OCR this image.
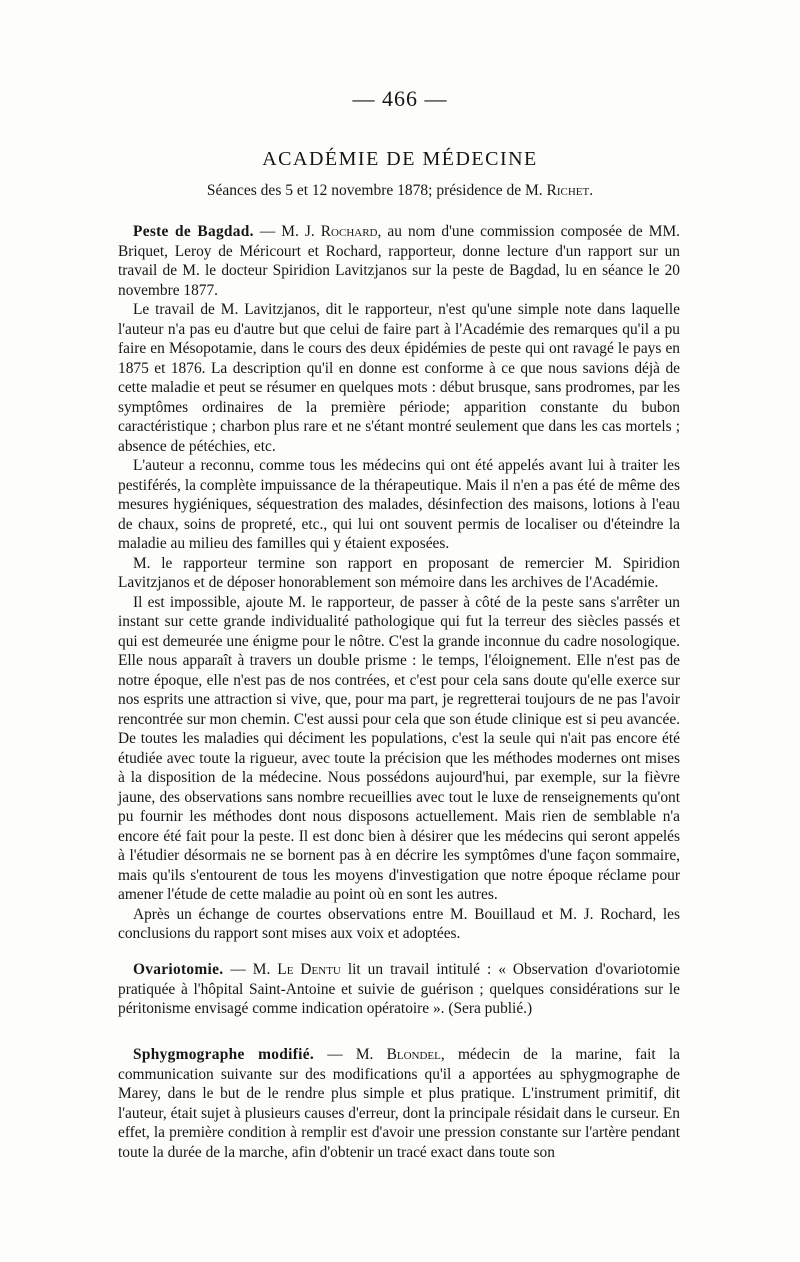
— 466 —
ACADÉMIE DE MÉDECINE
Séances des 5 et 12 novembre 1878; présidence de M. Richet.

Peste de Bagdad. — M. J. Rochard, au nom d'une commission composée de MM. Briquet, Leroy de Méricourt et Rochard, rapporteur, donne lecture d'un rapport sur un travail de M. le docteur Spiridion Lavitzjanos sur la peste de Bagdad, lu en séance le 20 novembre 1877.

Le travail de M. Lavitzjanos, dit le rapporteur, n'est qu'une simple note dans laquelle l'auteur n'a pas eu d'autre but que celui de faire part à l'Académie des remarques qu'il a pu faire en Mésopotamie, dans le cours des deux épidémies de peste qui ont ravagé le pays en 1875 et 1876. La description qu'il en donne est conforme à ce que nous savions déjà de cette maladie et peut se résumer en quelques mots : début brusque, sans prodromes, par les symptômes ordinaires de la première période; apparition constante du bubon caractéristique ; charbon plus rare et ne s'étant montré seulement que dans les cas mortels ; absence de pétéchies, etc.

L'auteur a reconnu, comme tous les médecins qui ont été appelés avant lui à traiter les pestiférés, la complète impuissance de la thérapeutique. Mais il n'en a pas été de même des mesures hygiéniques, séquestration des malades, désinfection des maisons, lotions à l'eau de chaux, soins de propreté, etc., qui lui ont souvent permis de localiser ou d'éteindre la maladie au milieu des familles qui y étaient exposées.

M. le rapporteur termine son rapport en proposant de remercier M. Spiridion Lavitzjanos et de déposer honorablement son mémoire dans les archives de l'Académie.

Il est impossible, ajoute M. le rapporteur, de passer à côté de la peste sans s'arrêter un instant sur cette grande individualité pathologique qui fut la terreur des siècles passés et qui est demeurée une énigme pour le nôtre. C'est la grande inconnue du cadre nosologique. Elle nous apparaît à travers un double prisme : le temps, l'éloignement. Elle n'est pas de notre époque, elle n'est pas de nos contrées, et c'est pour cela sans doute qu'elle exerce sur nos esprits une attraction si vive, que, pour ma part, je regretterai toujours de ne pas l'avoir rencontrée sur mon chemin. C'est aussi pour cela que son étude clinique est si peu avancée. De toutes les maladies qui déciment les populations, c'est la seule qui n'ait pas encore été étudiée avec toute la rigueur, avec toute la précision que les méthodes modernes ont mises à la disposition de la médecine. Nous possédons aujourd'hui, par exemple, sur la fièvre jaune, des observations sans nombre recueillies avec tout le luxe de renseignements qu'ont pu fournir les méthodes dont nous disposons actuellement. Mais rien de semblable n'a encore été fait pour la peste. Il est donc bien à désirer que les médecins qui seront appelés à l'étudier désormais ne se bornent pas à en décrire les symptômes d'une façon sommaire, mais qu'ils s'entourent de tous les moyens d'investigation que notre époque réclame pour amener l'étude de cette maladie au point où en sont les autres.

Après un échange de courtes observations entre M. Bouillaud et M. J. Rochard, les conclusions du rapport sont mises aux voix et adoptées.

Ovariotomie. — M. Le Dentu lit un travail intitulé : « Observation d'ovariotomie pratiquée à l'hôpital Saint-Antoine et suivie de guérison ; quelques considérations sur le péritonisme envisagé comme indication opératoire ». (Sera publié.)

Sphygmographe modifié. — M. Blondel, médecin de la marine, fait la communication suivante sur des modifications qu'il a apportées au sphygmographe de Marey, dans le but de le rendre plus simple et plus pratique. L'instrument primitif, dit l'auteur, était sujet à plusieurs causes d'erreur, dont la principale résidait dans le curseur. En effet, la première condition à remplir est d'avoir une pression constante sur l'artère pendant toute la durée de la marche, afin d'obtenir un tracé exact dans toute son
